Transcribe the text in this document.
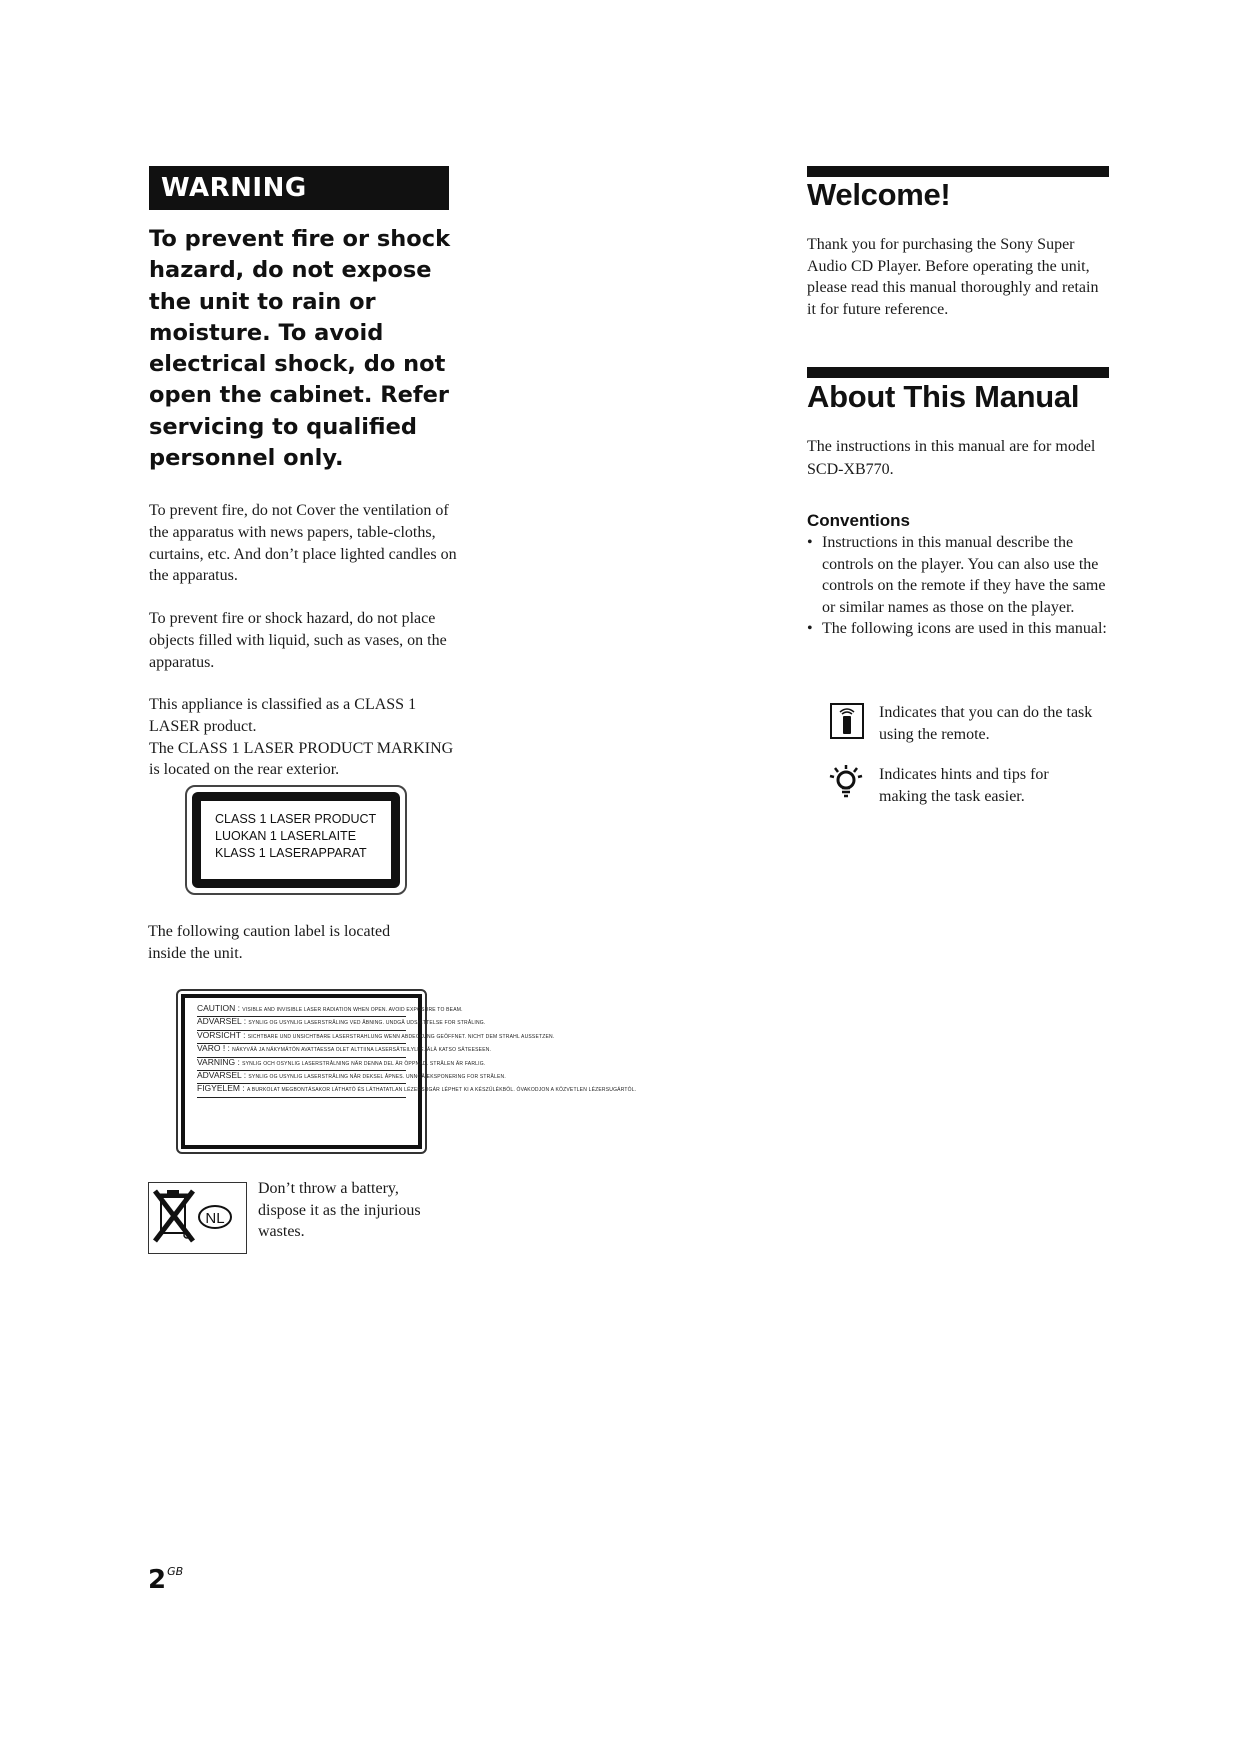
WARNING
To prevent fire or shock hazard, do not expose the unit to rain or moisture. To avoid electrical shock, do not open the cabinet. Refer servicing to qualified personnel only.

To prevent fire, do not Cover the ventilation of the apparatus with news papers, table-cloths, curtains, etc. And don’t place lighted candles on the apparatus.

To prevent fire or shock hazard, do not place objects filled with liquid, such as vases, on the apparatus.

This appliance is classified as a CLASS 1 LASER product.

The CLASS 1 LASER PRODUCT MARKING is located on the rear exterior.

CLASS 1 LASER PRODUCT
LUOKAN 1 LASERLAITE
KLASS 1 LASERAPPARAT

The following caution label is located inside the unit.

CAUTION : VISIBLE AND INVISIBLE LASER RADIATION WHEN OPEN. AVOID EXPOSURE TO BEAM.
ADVARSEL : SYNLIG OG USYNLIG LASERSTRÅLING VED ÅBNING. UNDGÅ UDSÆTTELSE FOR STRÅLING.
VORSICHT : SICHTBARE UND UNSICHTBARE LASERSTRAHLUNG WENN ABDECKUNG GEÖFFNET. NICHT DEM STRAHL AUSSETZEN.
VARO ! : NÄKYVÄÄ JA NÄKYMÄTÖN AVATTAESSA OLET ALTTIINA LASERSÄTEILYLLE. ÄLÄ KATSO SÄTEESEEN.
VARNING : SYNLIG OCH OSYNLIG LASERSTRÅLNING NÄR DENNA DEL ÄR ÖPPNAD. STRÅLEN ÄR FARLIG.
ADVARSEL : SYNLIG OG USYNLIG LASERSTRÅLING NÅR DEKSEL ÅPNES. UNNGÅ EKSPONERING FOR STRÅLEN.
FIGYELEM : A BURKOLAT MEGBONTÁSAKOR LÁTHATÓ ÉS LÁTHATATLAN LÉZERSUGÁR LÉPHET KI A KÉSZÜLÉKBŐL. ÓVAKODJON A KÖZVETLEN LÉZERSUGÁRTÓL.
NL

Don’t throw a battery, dispose it as the injurious wastes.

$2^{GB}$
Welcome!

Thank you for purchasing the Sony Super Audio CD Player. Before operating the unit, please read this manual thoroughly and retain it for future reference.

About This Manual

The instructions in this manual are for model SCD-XB770.

Conventions
• Instructions in this manual describe the controls on the player. You can also use the controls on the remote if they have the same or similar names as those on the player.
• The following icons are used in this manual:

Indicates that you can do the task using the remote.

Indicates hints and tips for making the task easier.
